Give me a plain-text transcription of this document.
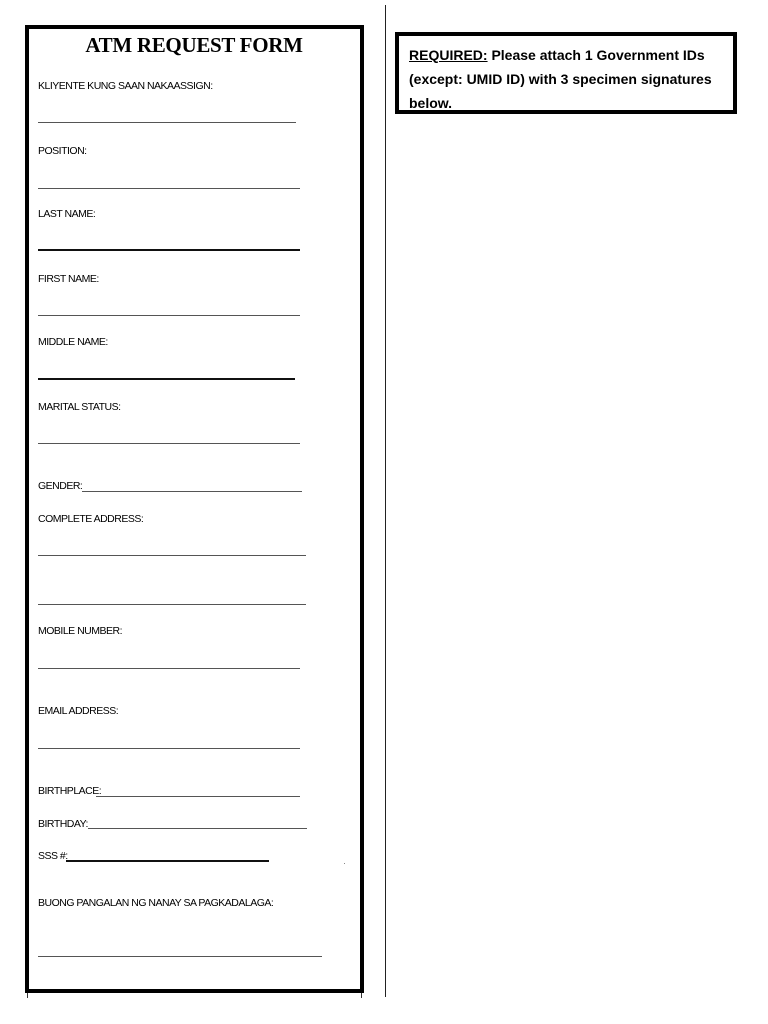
ATM REQUEST FORM
KLIYENTE KUNG SAAN NAKAASSIGN:
POSITION:
LAST NAME:
FIRST NAME:
MIDDLE NAME:
MARITAL STATUS:
GENDER:
COMPLETE ADDRESS:
MOBILE NUMBER:
EMAIL ADDRESS:
BIRTHPLACE:
BIRTHDAY:
SSS #:
BUONG PANGALAN NG NANAY SA PAGKADALAGA:
REQUIRED: Please attach 1 Government IDs (except: UMID ID) with 3 specimen signatures below.
